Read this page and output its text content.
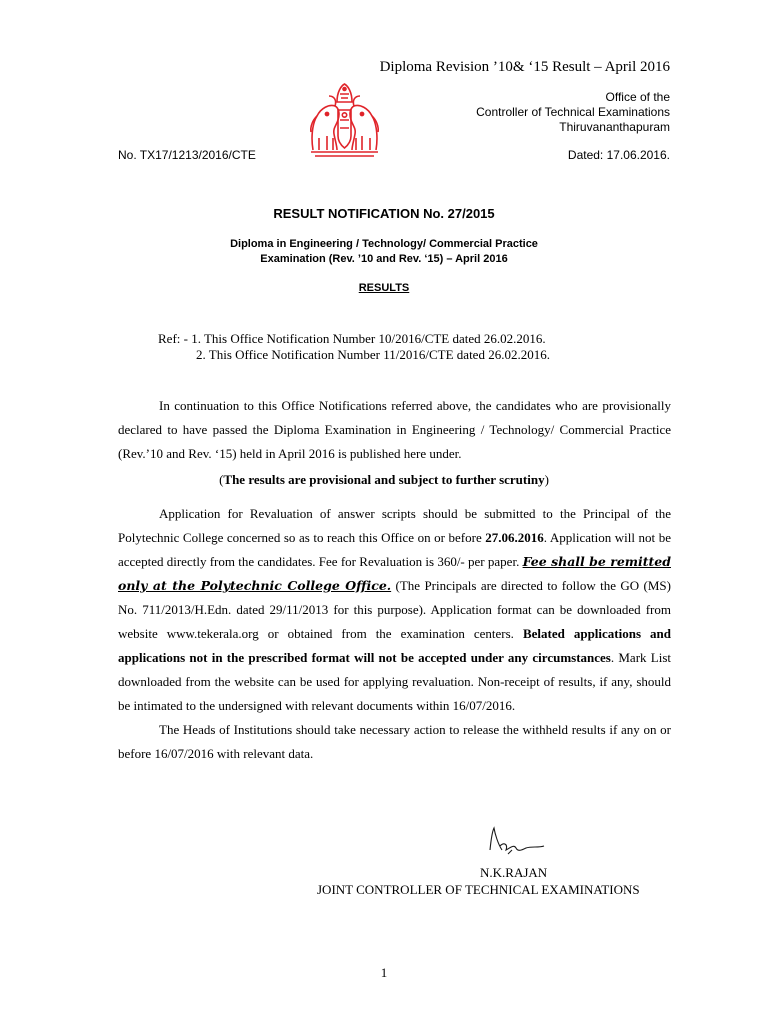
Diploma Revision ’10& ‘15 Result – April 2016
Office of the
Controller of Technical Examinations
Thiruvananthapuram
No. TX17/1213/2016/CTE	Dated: 17.06.2016.
RESULT NOTIFICATION No. 27/2015
Diploma in Engineering / Technology/ Commercial Practice
Examination (Rev. ’10 and Rev. ‘15) – April 2016
RESULTS
Ref: - 1. This Office Notification Number 10/2016/CTE dated 26.02.2016.
2. This Office Notification Number 11/2016/CTE dated 26.02.2016.

In continuation to this Office Notifications referred above, the candidates who are provisionally declared to have passed the Diploma Examination in Engineering / Technology/ Commercial Practice (Rev.’10 and Rev. ‘15) held in April 2016 is published here under.

(The results are provisional and subject to further scrutiny)

Application for Revaluation of answer scripts should be submitted to the Principal of the Polytechnic College concerned so as to reach this Office on or before 27.06.2016. Application will not be accepted directly from the candidates. Fee for Revaluation is 360/- per paper. Fee shall be remitted only at the Polytechnic College Office. (The Principals are directed to follow the GO (MS) No. 711/2013/H.Edn. dated 29/11/2013 for this purpose). Application format can be downloaded from website www.tekerala.org or obtained from the examination centers. Belated applications and applications not in the prescribed format will not be accepted under any circumstances. Mark List downloaded from the website can be used for applying revaluation. Non-receipt of results, if any, should be intimated to the undersigned with relevant documents within 16/07/2016.

The Heads of Institutions should take necessary action to release the withheld results if any on or before 16/07/2016 with relevant data.

N.K.RAJAN
JOINT CONTROLLER OF TECHNICAL EXAMINATIONS
1
